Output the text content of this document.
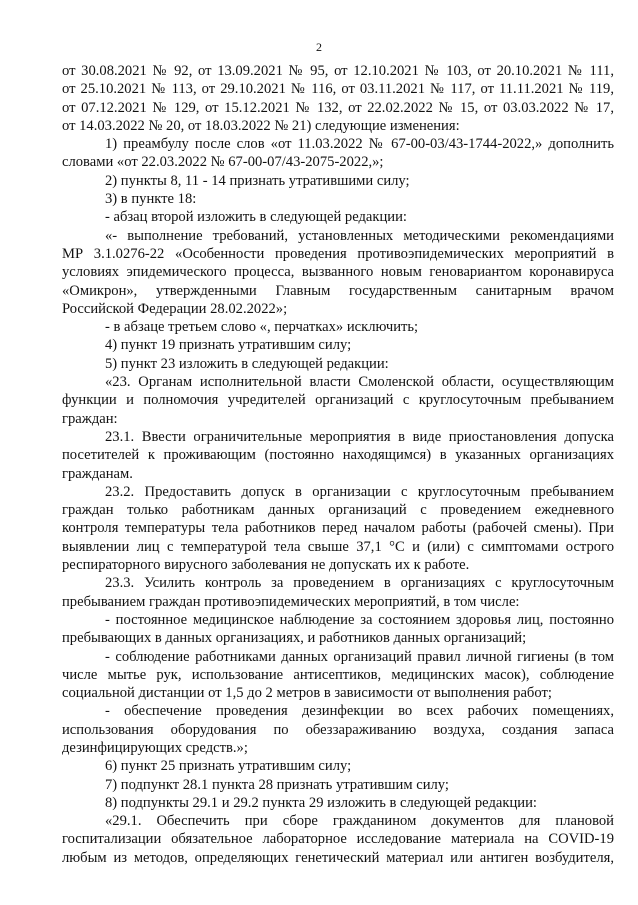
2
от 30.08.2021 № 92, от 13.09.2021 № 95, от 12.10.2021 № 103, от 20.10.2021 № 111,
от 25.10.2021 № 113, от 29.10.2021 № 116, от 03.11.2021 № 117, от 11.11.2021 № 119,
от 07.12.2021 № 129, от 15.12.2021 № 132, от 22.02.2022 № 15, от 03.03.2022 № 17,
от 14.03.2022 № 20, от 18.03.2022 № 21) следующие изменения:
1) преамбулу после слов «от 11.03.2022 № 67-00-03/43-1744-2022,» дополнить
словами «от 22.03.2022 № 67-00-07/43-2075-2022,»;
2) пункты 8, 11 - 14 признать утратившими силу;
3) в пункте 18:
- абзац второй изложить в следующей редакции:
«- выполнение требований, установленных методическими рекомендациями
МР 3.1.0276-22 «Особенности проведения противоэпидемических мероприятий в
условиях эпидемического процесса, вызванного новым геновариантом коронавируса
«Омикрон», утвержденными Главным государственным санитарным врачом
Российской Федерации 28.02.2022»;
- в абзаце третьем слово «, перчатках» исключить;
4) пункт 19 признать утратившим силу;
5) пункт 23 изложить в следующей редакции:
«23. Органам исполнительной власти Смоленской области, осуществляющим
функции и полномочия учредителей организаций с круглосуточным пребыванием
граждан:
23.1. Ввести ограничительные мероприятия в виде приостановления допуска
посетителей к проживающим (постоянно находящимся) в указанных организациях
гражданам.
23.2. Предоставить допуск в организации с круглосуточным пребыванием
граждан только работникам данных организаций с проведением ежедневного
контроля температуры тела работников перед началом работы (рабочей смены). При
выявлении лиц с температурой тела свыше 37,1 °С и (или) с симптомами острого
респираторного вирусного заболевания не допускать их к работе.
23.3. Усилить контроль за проведением в организациях с круглосуточным
пребыванием граждан противоэпидемических мероприятий, в том числе:
- постоянное медицинское наблюдение за состоянием здоровья лиц, постоянно
пребывающих в данных организациях, и работников данных организаций;
- соблюдение работниками данных организаций правил личной гигиены (в том
числе мытье рук, использование антисептиков, медицинских масок), соблюдение
социальной дистанции от 1,5 до 2 метров в зависимости от выполнения работ;
- обеспечение проведения дезинфекции во всех рабочих помещениях,
использования оборудования по обеззараживанию воздуха, создания запаса
дезинфицирующих средств.»;
6) пункт 25 признать утратившим силу;
7) подпункт 28.1 пункта 28 признать утратившим силу;
8) подпункты 29.1 и 29.2 пункта 29 изложить в следующей редакции:
«29.1. Обеспечить при сборе гражданином документов для плановой
госпитализации обязательное лабораторное исследование материала на COVID-19
любым из методов, определяющих генетический материал или антиген возбудителя,
